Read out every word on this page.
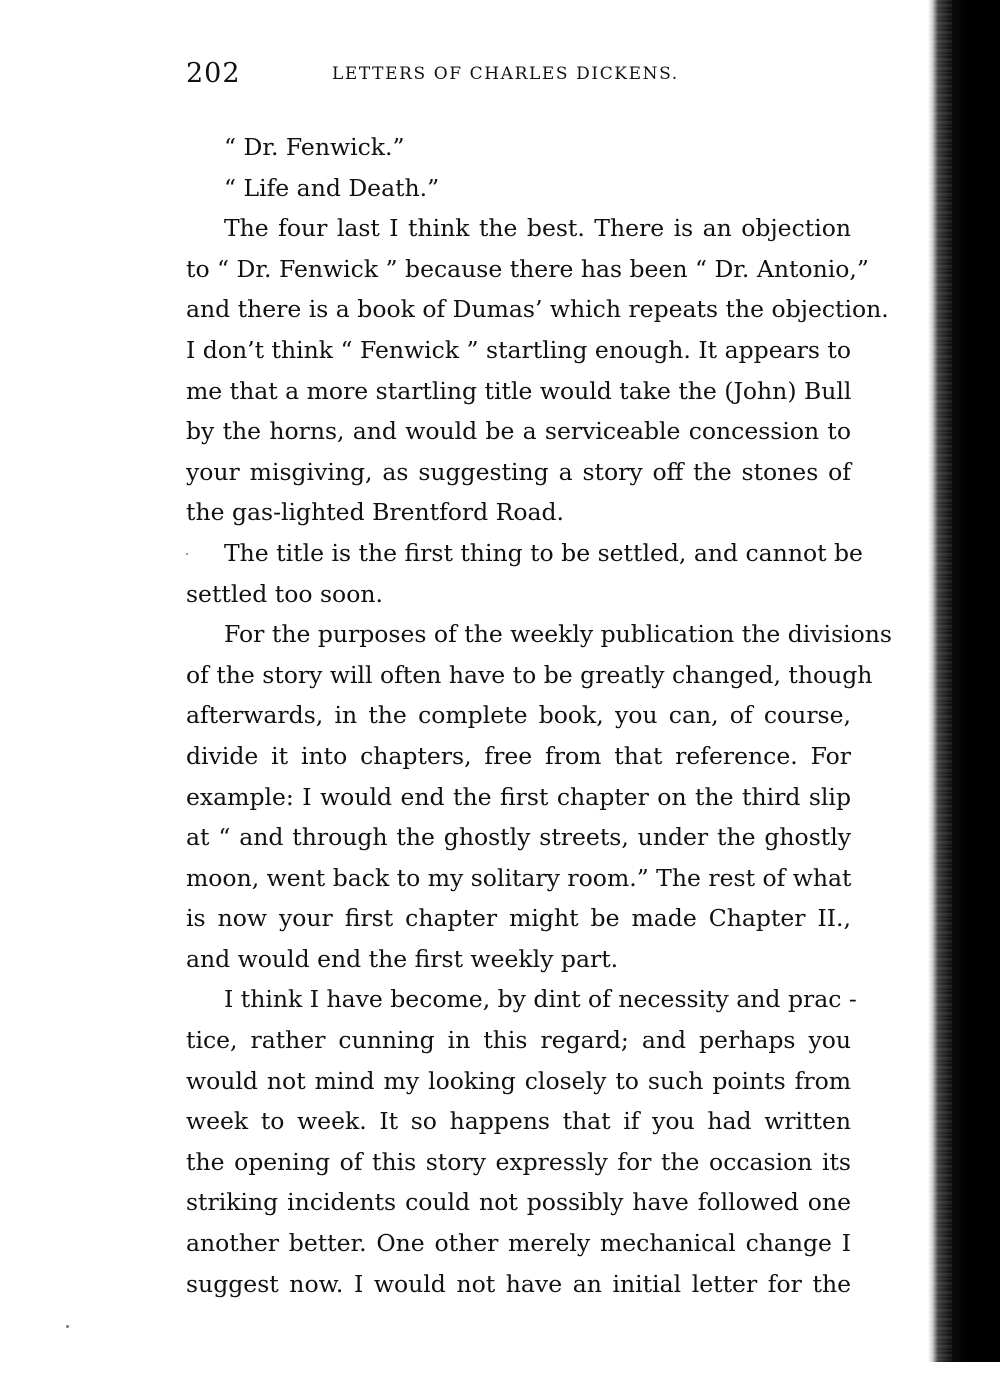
202	LETTERS OF CHARLES DICKENS.
“ Dr. Fenwick.”
“ Life and Death.”
The four last I think the best. There is an objection
to “ Dr. Fenwick ” because there has been “ Dr. Antonio,”
and there is a book of Dumas’ which repeats the objection.
I don’t think “ Fenwick ” startling enough. It appears to
me that a more startling title would take the (John) Bull
by the horns, and would be a serviceable concession to
your misgiving, as suggesting a story off the stones of
the gas-lighted Brentford Road.
The title is the first thing to be settled, and cannot be
settled too soon.
For the purposes of the weekly publication the divisions
of the story will often have to be greatly changed, though
afterwards, in the complete book, you can, of course,
divide it into chapters, free from that reference. For
example: I would end the first chapter on the third slip
at “ and through the ghostly streets, under the ghostly
moon, went back to my solitary room.” The rest of what
is now your first chapter might be made Chapter II.,
and would end the first weekly part.
I think I have become, by dint of necessity and prac -
tice, rather cunning in this regard; and perhaps you
would not mind my looking closely to such points from
week to week. It so happens that if you had written
the opening of this story expressly for the occasion its
striking incidents could not possibly have followed one
another better. One other merely mechanical change I
suggest now. I would not have an initial letter for the
